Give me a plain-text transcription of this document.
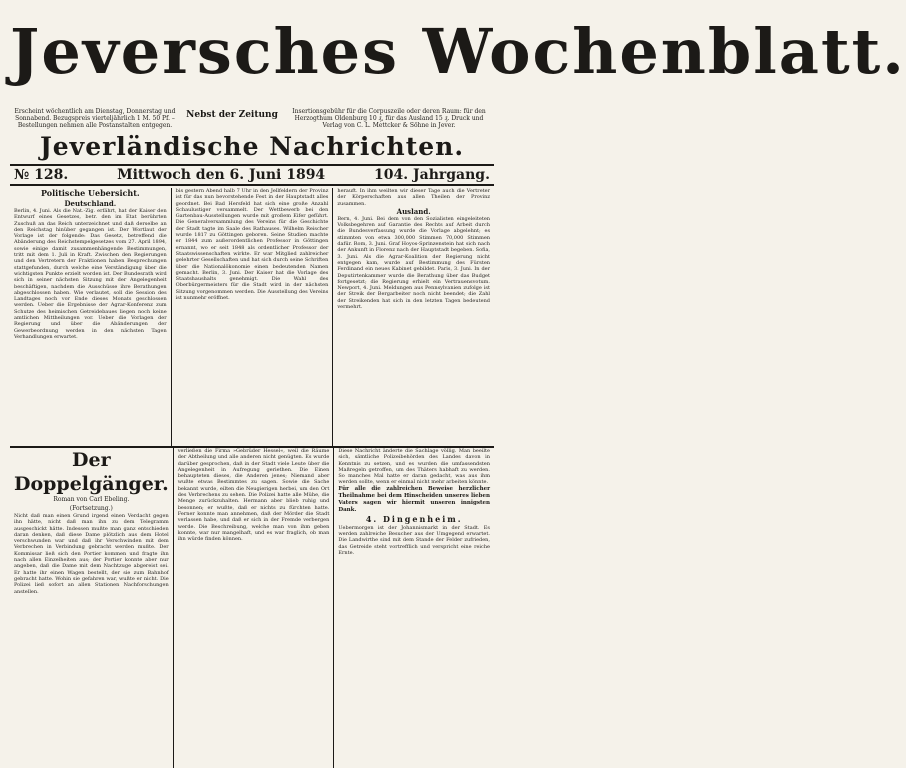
Jeversches Wochenblatt.
Erscheint wöchentlich am Dienstag, Donnerstag und Sonnabend. Bezugspreis vierteljährlich 1 M. 50 Pf. – Bestellungen nehmen alle Postanstalten entgegen.
Nebst der Zeitung	Insertionsgebühr für die Corpuszeile oder deren Raum: für den Herzogthum Oldenburg 10 ₰, für das Ausland 15 ₰. Druck und Verlag von C. L. Mettcker & Söhne in Jever.
Jeverländische Nachrichten.
№ 128.	Mittwoch den 6. Juni 1894	104. Jahrgang.
Politische Uebersicht.
Deutschland.
Berlin, 4. Juni. Als die Nat.-Zig. erfährt, hat der Kaiser den Entwurf eines Gesetzes, betr. den im Etat berührten Zuschuß an das Reich unterzeichnet und daß derselbe an den Reichstag hinüber gegangen ist. Der Wortlaut der Vorlage ist der folgende: Das Gesetz, betreffend die Abänderung des Reichstempelgesetzes vom 27. April 1894, sowie einige damit zusammenhängende Bestimmungen, tritt mit dem 1. Juli in Kraft. Zwischen den Regierungen und den Vertretern der Fraktionen haben Besprechungen stattgefunden, durch welche eine Verständigung über die wichtigsten Punkte erzielt worden ist. Der Bundesrath wird sich in seiner nächsten Sitzung mit der Angelegenheit beschäftigen, nachdem die Ausschüsse ihre Berathungen abgeschlossen haben. Wie verlautet, soll die Session des Landtages noch vor Ende dieses Monats geschlossen werden. Ueber die Ergebnisse der Agrar-Konferenz zum Schutze des heimischen Getreidebaues liegen noch keine amtlichen Mittheilungen vor. Ueber die Vorlagen der Regierung und über die Abänderungen der Gewerbeordnung werden in den nächsten Tagen Verhandlungen erwartet.
bis gestern Abend halb 7 Uhr in den Jellfeldern der Provinz ist für das nun bevorstehende Fest in der Hauptstadt alles geordnet. Bei Bad Hersfeld hat sich eine große Anzahl Schaulustiger versammelt. Der Wettbewerb bei den Gartenbau-Ausstellungen wurde mit großem Eifer geführt. Die Generalversammlung des Vereins für die Geschichte der Stadt tagte im Saale des Rathauses. Wilhelm Reischer wurde 1817 zu Göttingen geboren. Seine Studien machte er 1844 zum außerordentlichen Professor in Göttingen ernannt, wo er seit 1848 als ordentlicher Professor der Staatswissenschaften wirkte. Er war Mitglied zahlreicher gelehrter Gesellschaften und hat sich durch seine Schriften über die Nationalökonomie einen bedeutenden Namen gemacht. Berlin, 3. Juni. Der Kaiser hat die Vorlage des Staatshaushalts genehmigt. Die Wahl des Oberbürgermeisters für die Stadt wird in der nächsten Sitzung vorgenommen werden. Die Ausstellung des Vereins ist nunmehr eröffnet.
herauft. In ihm weilten wir dieser Tage auch die Vertreter der Körperschaften aus allen Theilen der Provinz zusammen.
Ausland.
Bern, 4. Juni. Bei dem von den Sozialisten eingeleiteten Volksbegehren auf Garantie des Rechts auf Arbeit durch die Bundesverfassung wurde die Vorlage abgelehnt; es stimmten von etwa 300,000 Stimmen 70,000 Stimmen dafür. Rom, 3. Juni. Graf Hoyos-Sprinzenstein hat sich nach der Ankunft in Florenz nach der Hauptstadt begeben. Sofia, 3. Juni. Als die Agrar-Koalition der Regierung nicht entgegen kam, wurde auf Bestimmung des Fürsten Ferdinand ein neues Kabinet gebildet. Paris, 3. Juni. In der Deputirtenkammer wurde die Berathung über das Budget fortgesetzt; die Regierung erhielt ein Vertrauensvotum. Newport, 4. Juni. Meldungen aus Pennsylvanien zufolge ist der Streik der Bergarbeiter noch nicht beendet; die Zahl der Streikenden hat sich in den letzten Tagen bedeutend vermehrt.
Der Doppelgänger.
Roman von Carl Ebeling.
(Fortsetzung.)
Nicht daß man einen Grund irgend einen Verdacht gegen ihn hätte, nicht daß man ihn zu dem Telegramm ausgeschickt hätte. Indessen mußte man ganz entschieden daran denken, daß diese Dame plötzlich aus dem Hotel verschwunden war und daß ihr Verschwinden mit dem Verbrechen in Verbindung gebracht werden mußte. Der Kommissar ließ sich den Portier kommen und fragte ihn nach allen Einzelheiten aus; der Portier konnte aber nur angeben, daß die Dame mit dem Nachtzuge abgereist sei. Er hatte ihr einen Wagen bestellt, der sie zum Bahnhof gebracht hatte. Wohin sie gefahren war, wußte er nicht. Die Polizei ließ sofort an allen Stationen Nachforschungen anstellen.
verließen die Firma »Gebrüder Hessel«, weil die Räume der Abtheilung und alle anderen nicht genügten. Es wurde darüber gesprochen, daß in der Stadt viele Leute über die Angelegenheit in Aufregung geriethen. Die Einen behaupteten dieses, die Anderen jenes; Niemand aber wußte etwas Bestimmtes zu sagen. Sowie die Sache bekannt wurde, eilten die Neugierigen herbei, um den Ort des Verbrechens zu sehen. Die Polizei hatte alle Mühe, die Menge zurückzuhalten. Hermann aber blieb ruhig und besonnen; er wußte, daß er nichts zu fürchten hatte. Ferner konnte man annehmen, daß der Mörder die Stadt verlassen habe, und daß er sich in der Fremde verbergen werde. Die Beschreibung, welche man von ihm geben konnte, war nur mangelhaft, und es war fraglich, ob man ihn würde finden können.
Diese Nachricht änderte die Sachlage völlig. Man beeilte sich, sämtliche Polizeibehörden des Landes davon in Kenntnis zu setzen, und es wurden die umfassendsten Maßregeln getroffen, um des Thäters habhaft zu werden. So manches Mal hatte er daran gedacht, was aus ihm werden sollte, wenn er einmal nicht mehr arbeiten könnte.
Für alle die zahlreichen Beweise herzlicher Theilnahme bei dem Hinscheiden unseres lieben Vaters sagen wir hiermit unseren innigsten Dank.
4. Dingenheim.
Uebermorgen ist der Johannismarkt in der Stadt. Es werden zahlreiche Besucher aus der Umgegend erwartet. Die Landwirthe sind mit dem Stande der Felder zufrieden, das Getreide steht vortrefflich und verspricht eine reiche Ernte.
